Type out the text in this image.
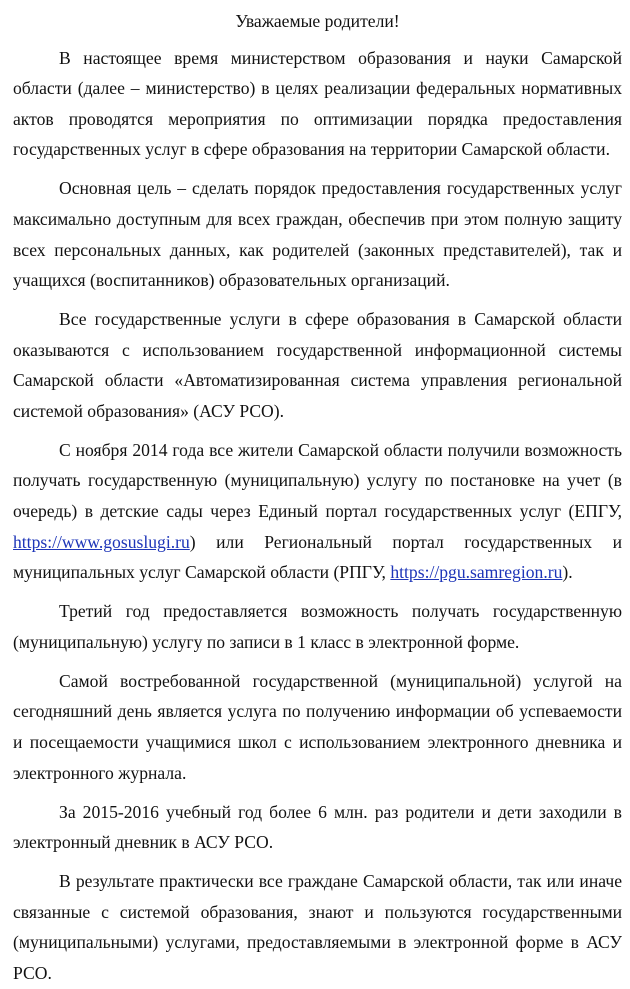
Уважаемые родители!

В настоящее время министерством образования и науки Самарской области (далее – министерство) в целях реализации федеральных нормативных актов проводятся мероприятия по оптимизации порядка предоставления государственных услуг в сфере образования на территории Самарской области.

Основная цель – сделать порядок предоставления государственных услуг максимально доступным для всех граждан, обеспечив при этом полную защиту всех персональных данных, как родителей (законных представителей), так и учащихся (воспитанников) образовательных организаций.

Все государственные услуги в сфере образования в Самарской области оказываются с использованием государственной информационной системы Самарской области «Автоматизированная система управления региональной системой образования» (АСУ РСО).

С ноября 2014 года все жители Самарской области получили возможность получать государственную (муниципальную) услугу по постановке на учет (в очередь) в детские сады через Единый портал государственных услуг (ЕПГУ, https://www.gosuslugi.ru) или Региональный портал государственных и муниципальных услуг Самарской области (РПГУ, https://pgu.samregion.ru).

Третий год предоставляется возможность получать государственную (муниципальную) услугу по записи в 1 класс в электронной форме.

Самой востребованной государственной (муниципальной) услугой на сегодняшний день является услуга по получению информации об успеваемости и посещаемости учащимися школ с использованием электронного дневника и электронного журнала.

За 2015-2016 учебный год более 6 млн. раз родители и дети заходили в электронный дневник в АСУ РСО.

В результате практически все граждане Самарской области, так или иначе связанные с системой образования, знают и пользуются государственными (муниципальными) услугами, предоставляемыми в электронной форме в АСУ РСО.
